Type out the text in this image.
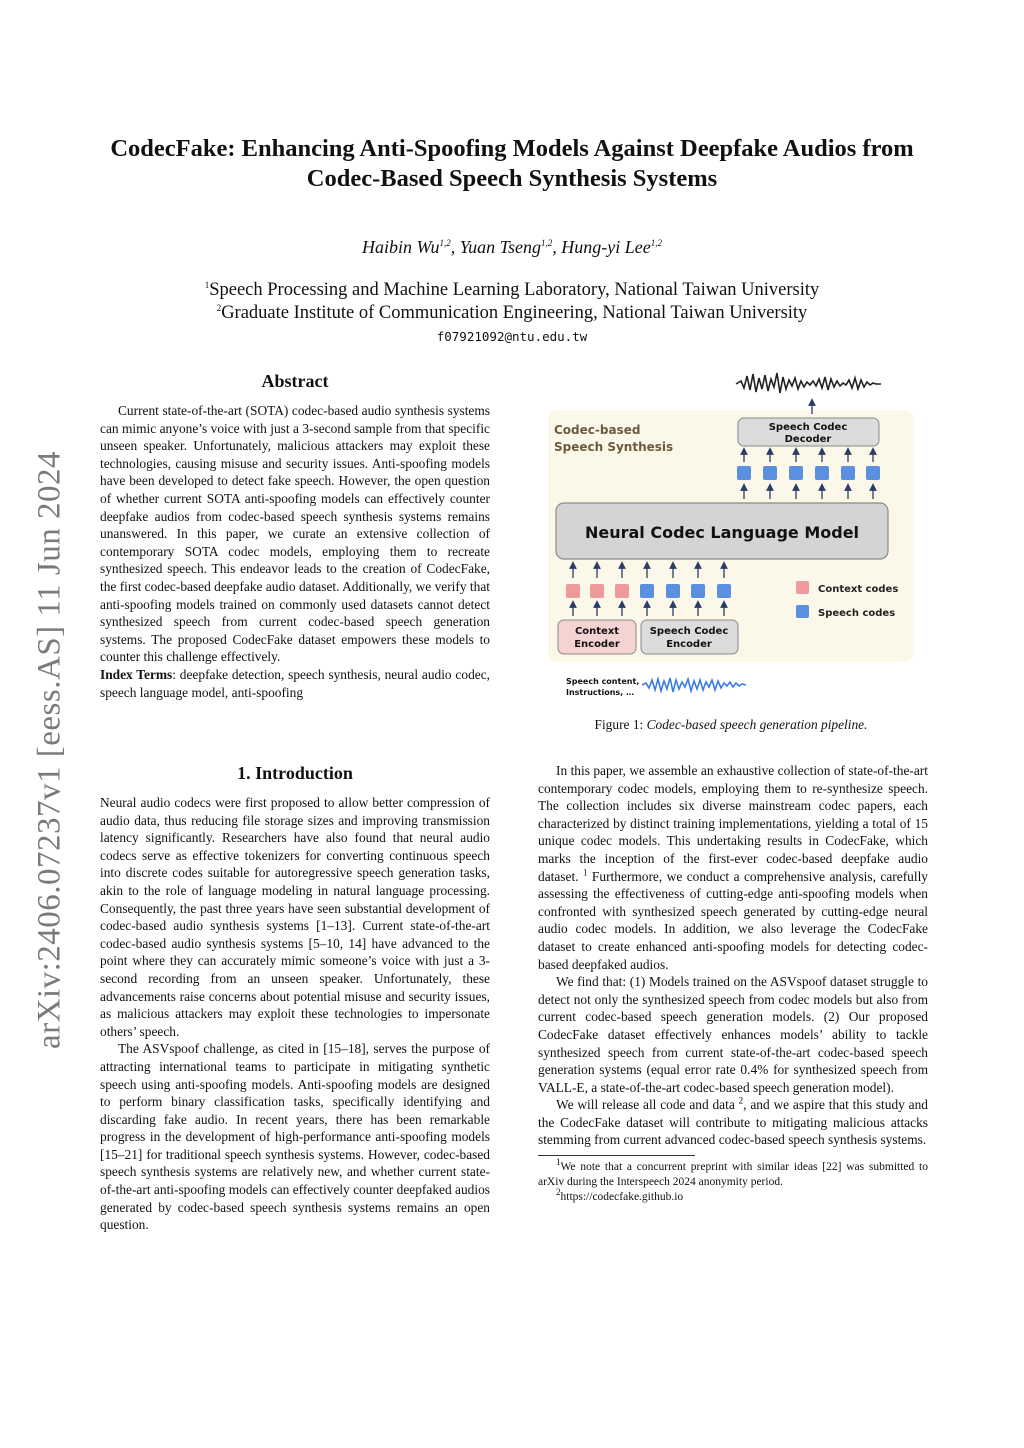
arXiv:2406.07237v1 [eess.AS] 11 Jun 2024
CodecFake: Enhancing Anti-Spoofing Models Against Deepfake Audios from
Codec-Based Speech Synthesis Systems
Haibin Wu$^{1,2}$, Yuan Tseng$^{1,2}$, Hung-yi Lee$^{1,2}$
$^1$Speech Processing and Machine Learning Laboratory, National Taiwan University
$^2$Graduate Institute of Communication Engineering, National Taiwan University
f07921092@ntu.edu.tw
Abstract

Current state-of-the-art (SOTA) codec-based audio synthesis systems can mimic anyone’s voice with just a 3-second sample from that specific unseen speaker. Unfortunately, malicious attackers may exploit these technologies, causing misuse and security issues. Anti-spoofing models have been developed to detect fake speech. However, the open question of whether current SOTA anti-spoofing models can effectively counter deepfake audios from codec-based speech synthesis systems remains unanswered. In this paper, we curate an extensive collection of contemporary SOTA codec models, employing them to recreate synthesized speech. This endeavor leads to the creation of CodecFake, the first codec-based deepfake audio dataset. Additionally, we verify that anti-spoofing models trained on commonly used datasets cannot detect synthesized speech from current codec-based speech generation systems. The proposed CodecFake dataset empowers these models to counter this challenge effectively.

Index Terms: deepfake detection, speech synthesis, neural audio codec, speech language model, anti-spoofing

1. Introduction

Neural audio codecs were first proposed to allow better compression of audio data, thus reducing file storage sizes and improving transmission latency significantly. Researchers have also found that neural audio codecs serve as effective tokenizers for converting continuous speech into discrete codes suitable for autoregressive speech generation tasks, akin to the role of language modeling in natural language processing. Consequently, the past three years have seen substantial development of codec-based audio synthesis systems [1–13]. Current state-of-the-art codec-based audio synthesis systems [5–10, 14] have advanced to the point where they can accurately mimic someone’s voice with just a 3-second recording from an unseen speaker. Unfortunately, these advancements raise concerns about potential misuse and security issues, as malicious attackers may exploit these technologies to impersonate others’ speech.

The ASVspoof challenge, as cited in [15–18], serves the purpose of attracting international teams to participate in mitigating synthetic speech using anti-spoofing models. Anti-spoofing models are designed to perform binary classification tasks, specifically identifying and discarding fake audio. In recent years, there has been remarkable progress in the development of high-performance anti-spoofing models [15–21] for traditional speech synthesis systems. However, codec-based speech synthesis systems are relatively new, and whether current state-of-the-art anti-spoofing models can effectively counter deepfaked audios generated by codec-based speech synthesis systems remains an open question.

Codec-based
Speech Synthesis
Speech Codec
Decoder
Neural Codec Language Model
Context codes
Speech codes
Context
Encoder
Speech Codec
Encoder
Speech content,
Instructions, …
Figure 1: Codec-based speech generation pipeline.

In this paper, we assemble an exhaustive collection of state-of-the-art contemporary codec models, employing them to re-synthesize speech. The collection includes six diverse mainstream codec papers, each characterized by distinct training implementations, yielding a total of 15 unique codec models. This undertaking results in CodecFake, which marks the inception of the first-ever codec-based deepfake audio dataset. $^1$ Furthermore, we conduct a comprehensive analysis, carefully assessing the effectiveness of cutting-edge anti-spoofing models when confronted with synthesized speech generated by cutting-edge neural audio codec models. In addition, we also leverage the CodecFake dataset to create enhanced anti-spoofing models for detecting codec-based deepfaked audios.

We find that: (1) Models trained on the ASVspoof dataset struggle to detect not only the synthesized speech from codec models but also from current codec-based speech generation models. (2) Our proposed CodecFake dataset effectively enhances models’ ability to tackle synthesized speech from current state-of-the-art codec-based speech generation systems (equal error rate 0.4% for synthesized speech from VALL-E, a state-of-the-art codec-based speech generation model).

We will release all code and data $^2$, and we aspire that this study and the CodecFake dataset will contribute to mitigating malicious attacks stemming from current advanced codec-based speech synthesis systems.

$^1$We note that a concurrent preprint with similar ideas [22] was submitted to arXiv during the Interspeech 2024 anonymity period.

$^2$https://codecfake.github.io
